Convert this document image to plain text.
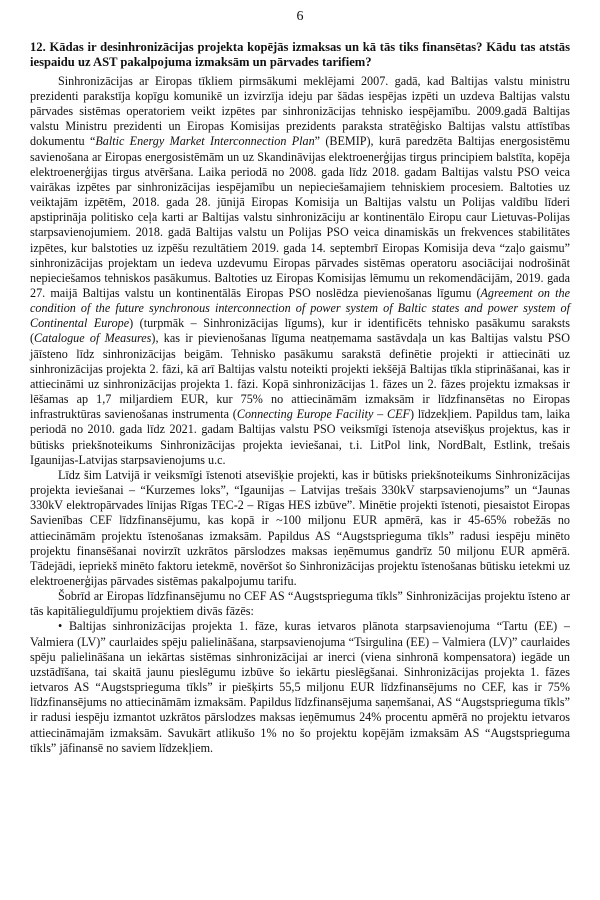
6
12. Kādas ir desinhronizācijas projekta kopējās izmaksas un kā tās tiks finansētas? Kādu tas atstās iespaidu uz AST pakalpojuma izmaksām un pārvades tarifiem?

Sinhronizācijas ar Eiropas tīkliem pirmsākumi meklējami 2007. gadā, kad Baltijas valstu ministru prezidenti parakstīja kopīgu komunikē un izvirzīja ideju par šādas iespējas izpēti un uzdeva Baltijas valstu pārvades sistēmas operatoriem veikt izpētes par sinhronizācijas tehnisko iespējamību. 2009.gadā Baltijas valstu Ministru prezidenti un Eiropas Komisijas prezidents paraksta stratēģisko Baltijas valstu attīstības dokumentu “Baltic Energy Market Interconnection Plan” (BEMIP), kurā paredzēta Baltijas energosistēmu savienošana ar Eiropas energosistēmām un uz Skandināvijas elektroenerģijas tirgus principiem balstīta, kopēja elektroenerģijas tirgus atvēršana. Laika periodā no 2008. gada līdz 2018. gadam Baltijas valstu PSO veica vairākas izpētes par sinhronizācijas iespējamību un nepieciešamajiem tehniskiem procesiem. Baltoties uz veiktajām izpētēm, 2018. gada 28. jūnijā Eiropas Komisija un Baltijas valstu un Polijas valdību līderi apstiprināja politisko ceļa karti ar Baltijas valstu sinhronizāciju ar kontinentālo Eiropu caur Lietuvas-Polijas starpsavienojumiem. 2018. gadā Baltijas valstu un Polijas PSO veica dinamiskās un frekvences stabilitātes izpētes, kur balstoties uz izpēšu rezultātiem 2019. gada 14. septembrī Eiropas Komisija deva “zaļo gaismu” sinhronizācijas projektam un iedeva uzdevumu Eiropas pārvades sistēmas operatoru asociācijai nodrošināt nepieciešamos tehniskos pasākumus. Baltoties uz Eiropas Komisijas lēmumu un rekomendācijām, 2019. gada 27. maijā Baltijas valstu un kontinentālās Eiropas PSO noslēdza pievienošanas līgumu (Agreement on the condition of the future synchronous interconnection of power system of Baltic states and power system of Continental Europe) (turpmāk – Sinhronizācijas līgums), kur ir identificēts tehnisko pasākumu saraksts (Catalogue of Measures), kas ir pievienošanas līguma neatņemama sastāvdaļa un kas Baltijas valstu PSO jāīsteno līdz sinhronizācijas beigām. Tehnisko pasākumu sarakstā definētie projekti ir attiecināti uz sinhronizācijas projekta 2. fāzi, kā arī Baltijas valstu noteikti projekti iekšējā Baltijas tīkla stiprināšanai, kas ir attiecināmi uz sinhronizācijas projekta 1. fāzi. Kopā sinhronizācijas 1. fāzes un 2. fāzes projektu izmaksas ir lēšamas ap 1,7 miljardiem EUR, kur 75% no attiecināmām izmaksām ir līdzfinansētas no Eiropas infrastruktūras savienošanas instrumenta (Connecting Europe Facility – CEF) līdzekļiem. Papildus tam, laika periodā no 2010. gada līdz 2021. gadam Baltijas valstu PSO veiksmīgi īstenoja atsevišķus projektus, kas ir būtisks priekšnoteikums Sinhronizācijas projekta ieviešanai, t.i. LitPol link, NordBalt, Estlink, trešais Igaunijas-Latvijas starpsavienojums u.c.

Līdz šim Latvijā ir veiksmīgi īstenoti atsevišķie projekti, kas ir būtisks priekšnoteikums Sinhronizācijas projekta ieviešanai – “Kurzemes loks”, “Igaunijas – Latvijas trešais 330kV starpsavienojums” un “Jaunas 330kV elektropārvades līnijas Rīgas TEC-2 – Rīgas HES izbūve”. Minētie projekti īstenoti, piesaistot Eiropas Savienības CEF līdzfinansējumu, kas kopā ir ~100 miljonu EUR apmērā, kas ir 45-65% robežās no attiecināmām projektu īstenošanas izmaksām. Papildus AS “Augstsprieguma tīkls” radusi iespēju minēto projektu finansēšanai novirzīt uzkrātos pārslodzes maksas ieņēmumus gandrīz 50 miljonu EUR apmērā. Tādejādi, iepriekš minēto faktoru ietekmē, novēršot šo Sinhronizācijas projektu īstenošanas būtisku ietekmi uz elektroenerģijas pārvades sistēmas pakalpojumu tarifu.

Šobrīd ar Eiropas līdzfinansējumu no CEF AS “Augstsprieguma tīkls” Sinhronizācijas projektu īsteno ar tās kapitālieguldījumu projektiem divās fāzēs:

• Baltijas sinhronizācijas projekta 1. fāze, kuras ietvaros plānota starpsavienojuma “Tartu (EE) – Valmiera (LV)” caurlaides spēju palielināšana, starpsavienojuma “Tsirgulina (EE) – Valmiera (LV)” caurlaides spēju palielināšana un iekārtas sistēmas sinhronizācijai ar inerci (viena sinhronā kompensatora) iegāde un uzstādīšana, tai skaitā jaunu pieslēgumu izbūve šo iekārtu pieslēgšanai. Sinhronizācijas projekta 1. fāzes ietvaros AS “Augstsprieguma tīkls” ir piešķirts 55,5 miljonu EUR līdzfinansējums no CEF, kas ir 75% līdzfinansējums no attiecināmām izmaksām. Papildus līdzfinansējuma saņemšanai, AS “Augstsprieguma tīkls” ir radusi iespēju izmantot uzkrātos pārslodzes maksas ieņēmumus 24% procentu apmērā no projektu ietvaros attiecināmajām izmaksām. Savukārt atlikušo 1% no šo projektu kopējām izmaksām AS “Augstsprieguma tīkls” jāfinansē no saviem līdzekļiem.
